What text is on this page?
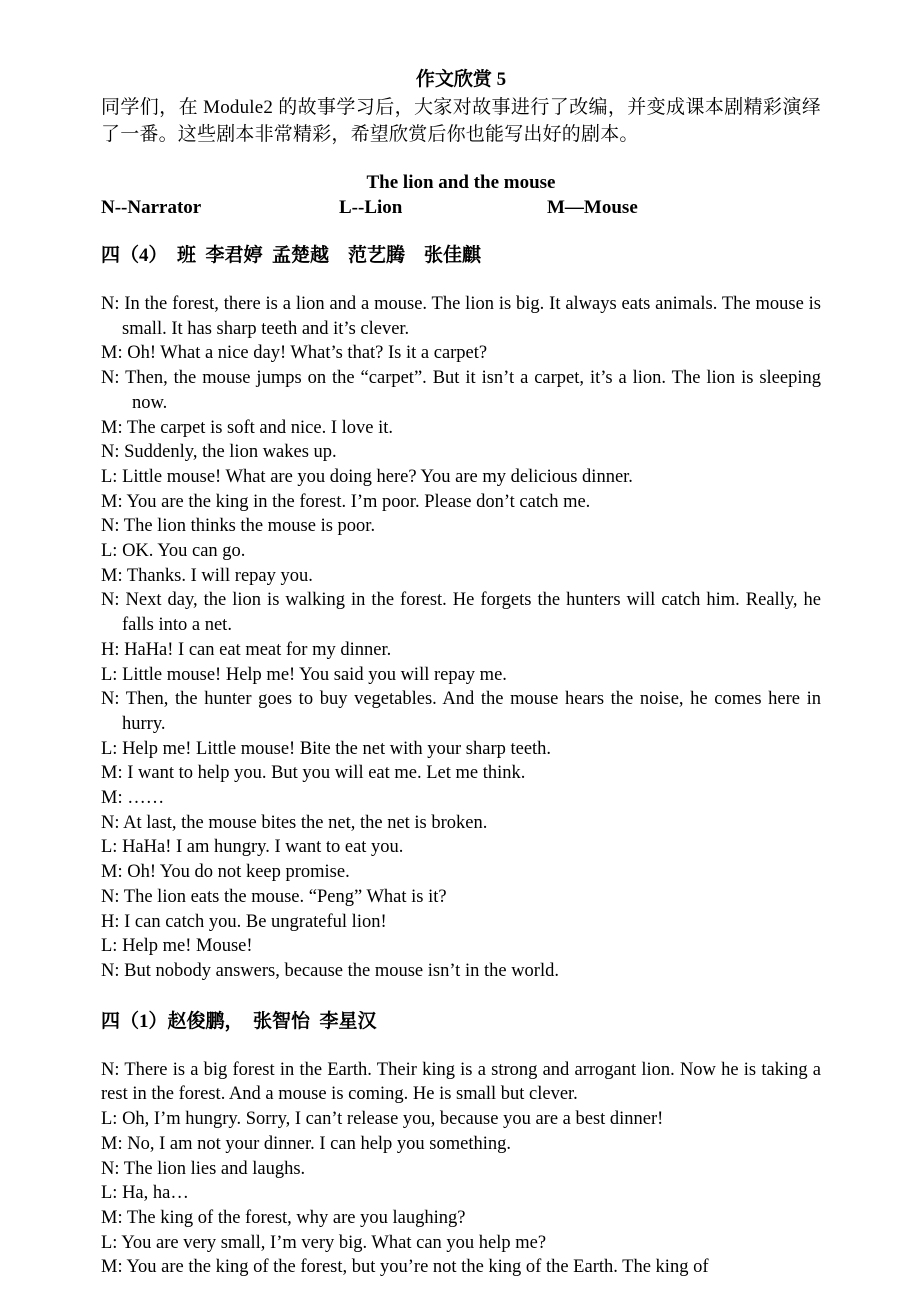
作文欣赏 5
同学们，在 Module2 的故事学习后，大家对故事进行了改编，并变成课本剧精彩演绎了一番。这些剧本非常精彩，希望欣赏后你也能写出好的剧本。
The lion and the mouse
N--Narrator	L--Lion	M—Mouse
四（4）  班  李君婷  孟楚越    范艺腾    张佳麒
N: In the forest, there is a lion and a mouse. The lion is big. It always eats animals. The mouse is small. It has sharp teeth and it’s clever.
M: Oh! What a nice day! What’s that? Is it a carpet?
N: Then, the mouse jumps on the “carpet”. But it isn’t a carpet, it’s a lion. The lion is sleeping now.
M: The carpet is soft and nice. I love it.
N: Suddenly, the lion wakes up.
L: Little mouse! What are you doing here? You are my delicious dinner.
M: You are the king in the forest. I’m poor. Please don’t catch me.
N: The lion thinks the mouse is poor.
L: OK. You can go.
M: Thanks. I will repay you.
N: Next day, the lion is walking in the forest. He forgets the hunters will catch him. Really, he falls into a net.
H: HaHa! I can eat meat for my dinner.
L: Little mouse! Help me! You said you will repay me.
N: Then, the hunter goes to buy vegetables. And the mouse hears the noise, he comes here in hurry.
L: Help me! Little mouse! Bite the net with your sharp teeth.
M: I want to help you. But you will eat me. Let me think.
M: ……
N: At last, the mouse bites the net, the net is broken.
L: HaHa! I am hungry. I want to eat you.
M: Oh! You do not keep promise.
N: The lion eats the mouse. “Peng” What is it?
H: I can catch you. Be ungrateful lion!
L: Help me! Mouse!
N: But nobody answers, because the mouse isn’t in the world.
四（1）赵俊鹏，  张智怡  李星汉
N: There is a big forest in the Earth. Their king is a strong and arrogant lion. Now he is taking a rest in the forest. And a mouse is coming. He is small but clever.
L: Oh, I’m hungry. Sorry, I can’t release you, because you are a best dinner!
M: No, I am not your dinner. I can help you something.
N: The lion lies and laughs.
L: Ha, ha…
M: The king of the forest, why are you laughing?
L: You are very small, I’m very big. What can you help me?
M: You are the king of the forest, but you’re not the king of the Earth. The king of
